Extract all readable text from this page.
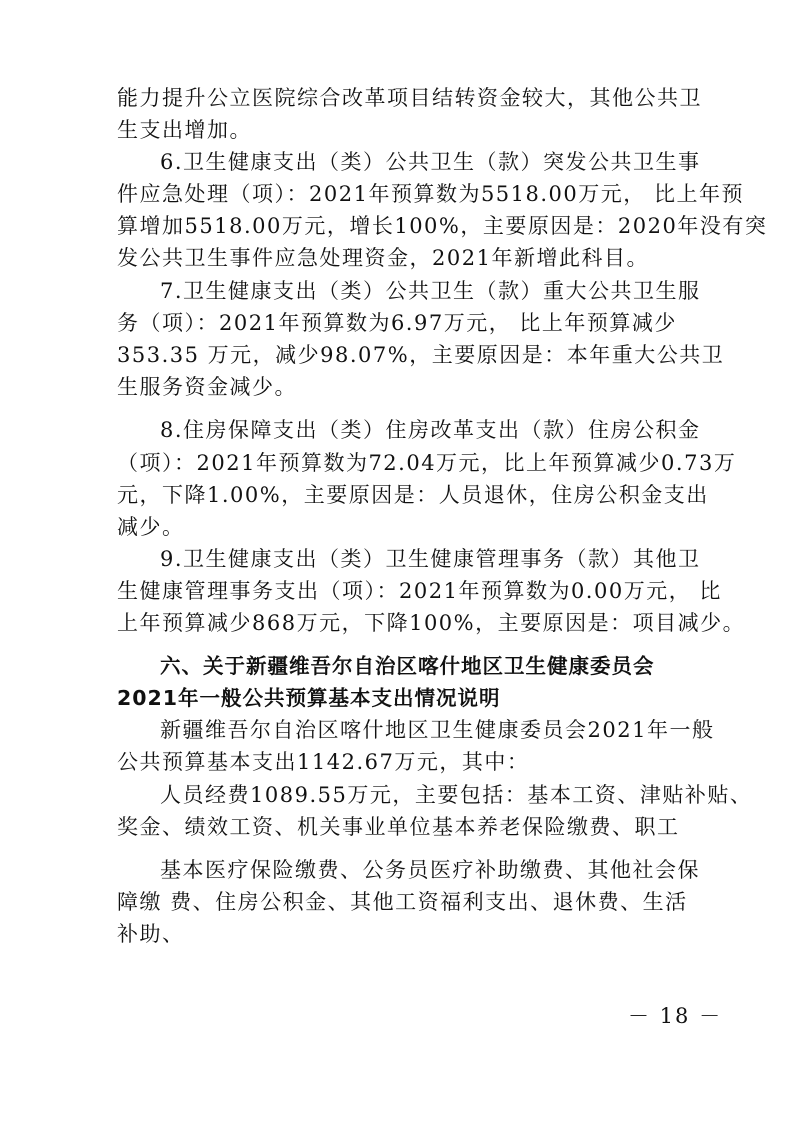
能力提升公立医院综合改革项目结转资金较大，其他公共卫
生支出增加。
6.卫生健康支出（类）公共卫生（款）突发公共卫生事
件应急处理（项）：2021年预算数为5518.00万元， 比上年预
算增加5518.00万元，增长100%，主要原因是：2020年没有突
发公共卫生事件应急处理资金，2021年新增此科目。
7.卫生健康支出（类）公共卫生（款）重大公共卫生服
务（项）：2021年预算数为6.97万元， 比上年预算减少
353.35 万元，减少98.07%，主要原因是：本年重大公共卫
生服务资金减少。
8.住房保障支出（类）住房改革支出（款）住房公积金
（项）：2021年预算数为72.04万元，比上年预算减少0.73万
元，下降1.00%，主要原因是：人员退休，住房公积金支出
减少。
9.卫生健康支出（类）卫生健康管理事务（款）其他卫
生健康管理事务支出（项）：2021年预算数为0.00万元， 比
上年预算减少868万元，下降100%，主要原因是：项目减少。
六、关于新疆维吾尔自治区喀什地区卫生健康委员会
2021年一般公共预算基本支出情况说明
新疆维吾尔自治区喀什地区卫生健康委员会2021年一般
公共预算基本支出1142.67万元，其中：
人员经费1089.55万元，主要包括：基本工资、津贴补贴、
奖金、绩效工资、机关事业单位基本养老保险缴费、职工
基本医疗保险缴费、公务员医疗补助缴费、其他社会保
障缴 费、住房公积金、其他工资福利支出、退休费、生活
补助、
－ 18 －
